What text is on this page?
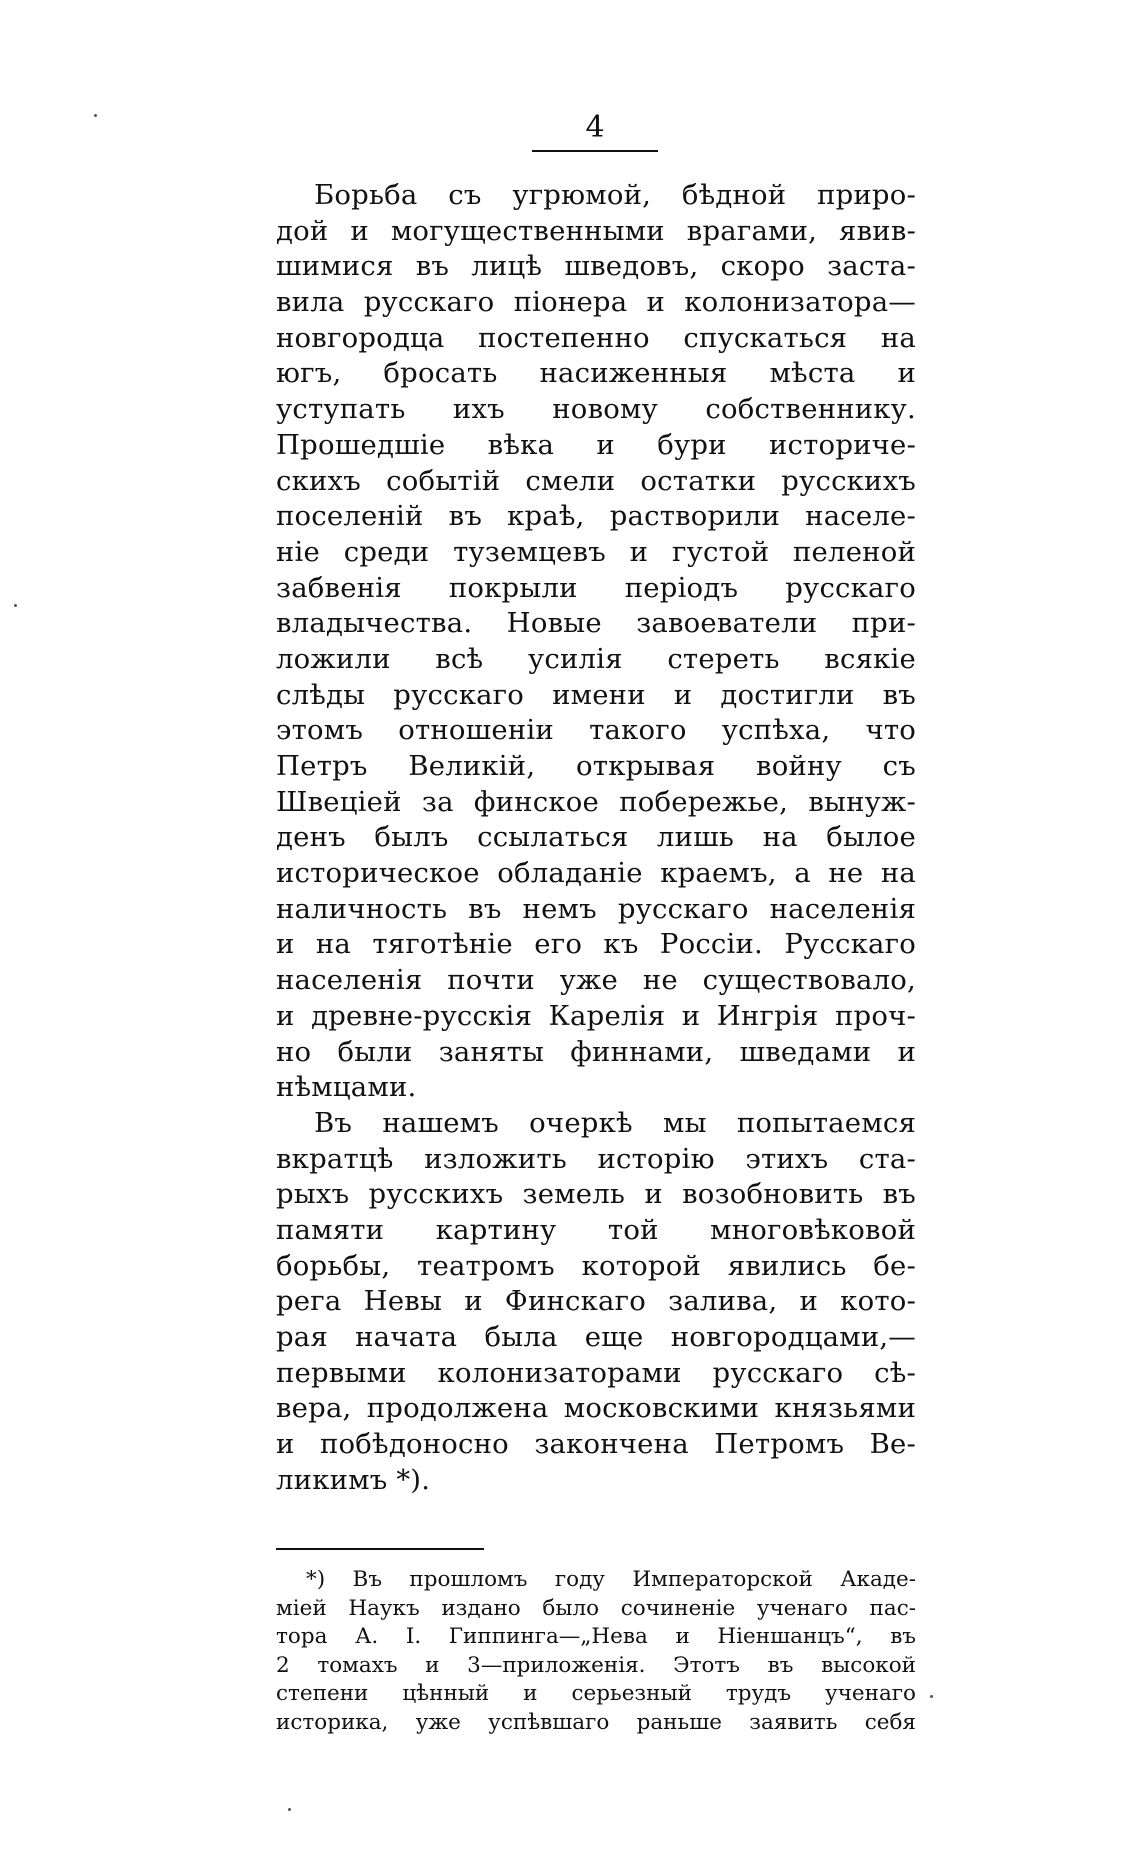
4
Борьба съ угрюмой, бѣдной приро-
дой и могущественными врагами, явив-
шимися въ лицѣ шведовъ, скоро заста-
вила русскаго піонера и колонизатора—
новгородца постепенно спускаться на
югъ, бросать насиженныя мѣста и
уступать ихъ новому собственнику.
Прошедшіе вѣка и бури историче-
скихъ событій смели остатки русскихъ
поселеній въ краѣ, растворили населе-
ніе среди туземцевъ и густой пеленой
забвенія покрыли періодъ русскаго
владычества. Новые завоеватели при-
ложили всѣ усилія стереть всякіе
слѣды русскаго имени и достигли въ
этомъ отношеніи такого успѣха, что
Петръ Великій, открывая войну съ
Швеціей за финское побережье, вынуж-
денъ былъ ссылаться лишь на былое
историческое обладаніе краемъ, а не на
наличность въ немъ русскаго населенія
и на тяготѣніе его къ Россіи. Русскаго
населенія почти уже не существовало,
и древне-русскія Карелія и Ингрія проч-
но были заняты финнами, шведами и
нѣмцами.
Въ нашемъ очеркѣ мы попытаемся
вкратцѣ изложить исторію этихъ ста-
рыхъ русскихъ земель и возобновить въ
памяти картину той многовѣковой
борьбы, театромъ которой явились бе-
рега Невы и Финскаго залива, и кото-
рая начата была еще новгородцами,—
первыми колонизаторами русскаго сѣ-
вера, продолжена московскими князьями
и побѣдоносно закончена Петромъ Ве-
ликимъ *).
*) Въ прошломъ году Императорской Акаде-
міей Наукъ издано было сочиненіе ученаго пас-
тора А. І. Гиппинга—„Нева и Ніеншанцъ“, въ
2 томахъ и 3—приложенія. Этотъ въ высокой
степени цѣнный и серьезный трудъ ученаго
историка, уже успѣвшаго раньше заявить себя
